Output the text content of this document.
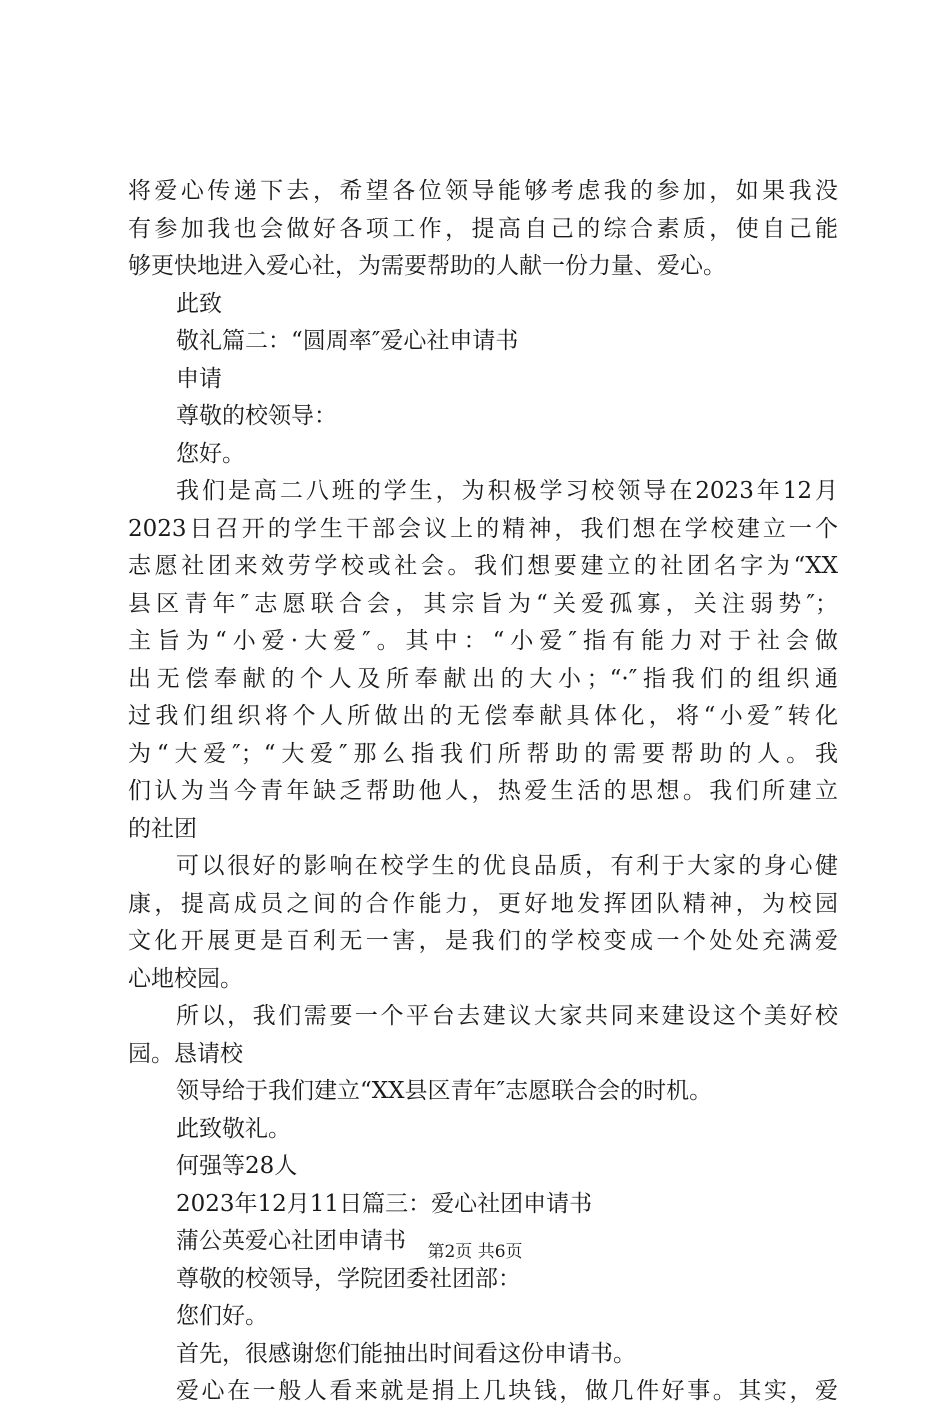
将爱心传递下去，希望各位领导能够考虑我的参加，如果我没
有参加我也会做好各项工作，提高自己的综合素质，使自己能
够更快地进入爱心社，为需要帮助的人献一份力量、爱心。
此致
敬礼篇二：“圆周率″爱心社申请书
申请
尊敬的校领导：
您好。
我们是高二八班的学生，为积极学习校领导在2023年12月
2023日召开的学生干部会议上的精神，我们想在学校建立一个
志愿社团来效劳学校或社会。我们想要建立的社团名字为“XX
县区青年″志愿联合会，其宗旨为“关爱孤寡，关注弱势″；
主旨为“小爱·大爱″。其中：“小爱″指有能力对于社会做
出无偿奉献的个人及所奉献出的大小；“·″指我们的组织通
过我们组织将个人所做出的无偿奉献具体化，将“小爱″转化
为“大爱″；“大爱″那么指我们所帮助的需要帮助的人。我
们认为当今青年缺乏帮助他人，热爱生活的思想。我们所建立
的社团
可以很好的影响在校学生的优良品质，有利于大家的身心健
康，提高成员之间的合作能力，更好地发挥团队精神，为校园
文化开展更是百利无一害，是我们的学校变成一个处处充满爱
心地校园。
所以，我们需要一个平台去建议大家共同来建设这个美好校
园。恳请校
领导给于我们建立“XX县区青年″志愿联合会的时机。
此致敬礼。
何强等28人
2023年12月11日篇三：爱心社团申请书
蒲公英爱心社团申请书
尊敬的校领导，学院团委社团部：
您们好。
首先，很感谢您们能抽出时间看这份申请书。
爱心在一般人看来就是捐上几块钱，做几件好事。其实，爱
第2页 共6页
